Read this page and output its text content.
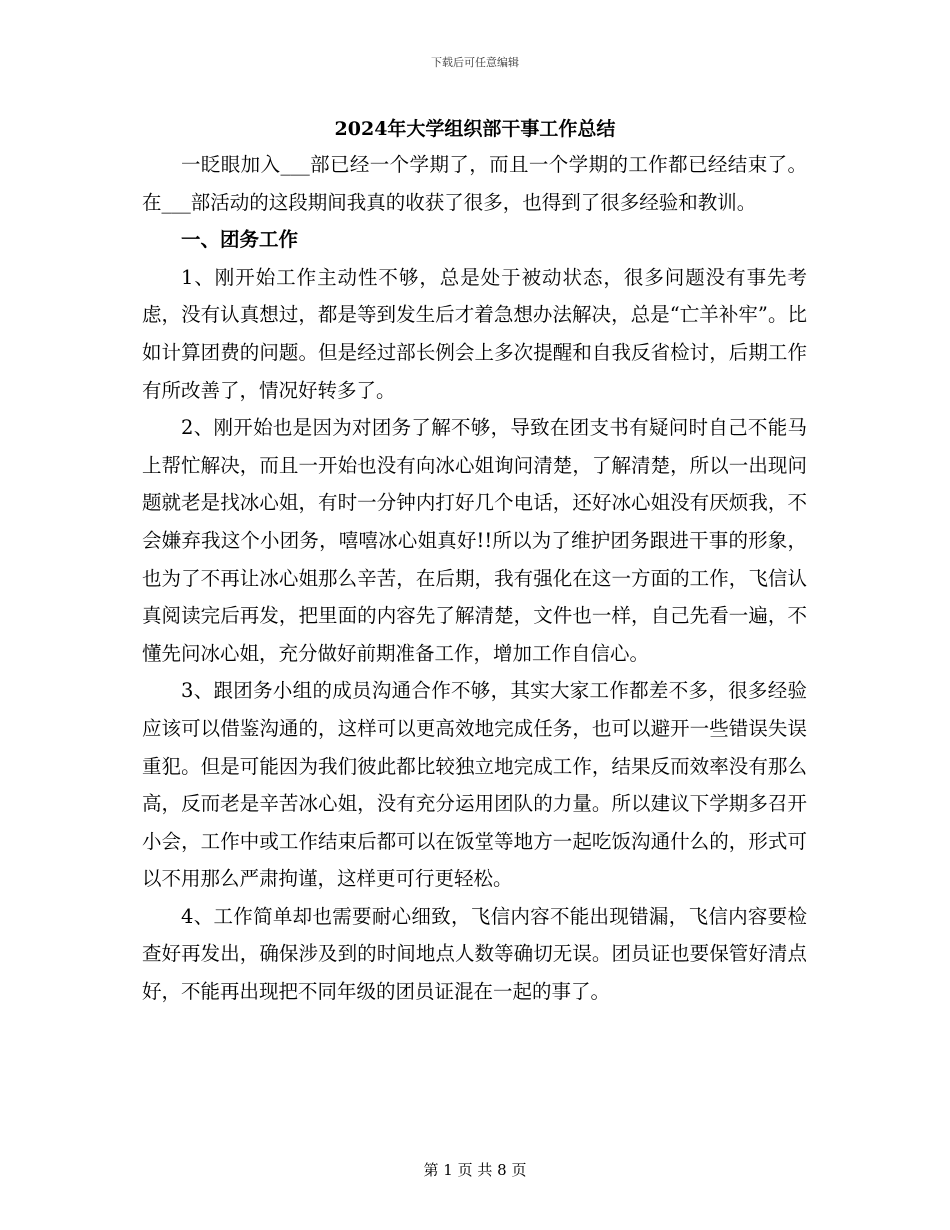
下载后可任意编辑
2024年大学组织部干事工作总结

一眨眼加入___部已经一个学期了，而且一个学期的工作都已经结束了。在___部活动的这段期间我真的收获了很多，也得到了很多经验和教训。

一、团务工作

1、刚开始工作主动性不够，总是处于被动状态，很多问题没有事先考虑，没有认真想过，都是等到发生后才着急想办法解决，总是“亡羊补牢”。比如计算团费的问题。但是经过部长例会上多次提醒和自我反省检讨，后期工作有所改善了，情况好转多了。

2、刚开始也是因为对团务了解不够，导致在团支书有疑问时自己不能马上帮忙解决，而且一开始也没有向冰心姐询问清楚，了解清楚，所以一出现问题就老是找冰心姐，有时一分钟内打好几个电话，还好冰心姐没有厌烦我，不会嫌弃我这个小团务，嘻嘻冰心姐真好!!所以为了维护团务跟进干事的形象，也为了不再让冰心姐那么辛苦，在后期，我有强化在这一方面的工作，飞信认真阅读完后再发，把里面的内容先了解清楚，文件也一样，自己先看一遍，不懂先问冰心姐，充分做好前期准备工作，增加工作自信心。

3、跟团务小组的成员沟通合作不够，其实大家工作都差不多，很多经验应该可以借鉴沟通的，这样可以更高效地完成任务，也可以避开一些错误失误重犯。但是可能因为我们彼此都比较独立地完成工作，结果反而效率没有那么高，反而老是辛苦冰心姐，没有充分运用团队的力量。所以建议下学期多召开小会，工作中或工作结束后都可以在饭堂等地方一起吃饭沟通什么的，形式可以不用那么严肃拘谨，这样更可行更轻松。

4、工作简单却也需要耐心细致，飞信内容不能出现错漏，飞信内容要检查好再发出，确保涉及到的时间地点人数等确切无误。团员证也要保管好清点好，不能再出现把不同年级的团员证混在一起的事了。

第 1 页 共 8 页
